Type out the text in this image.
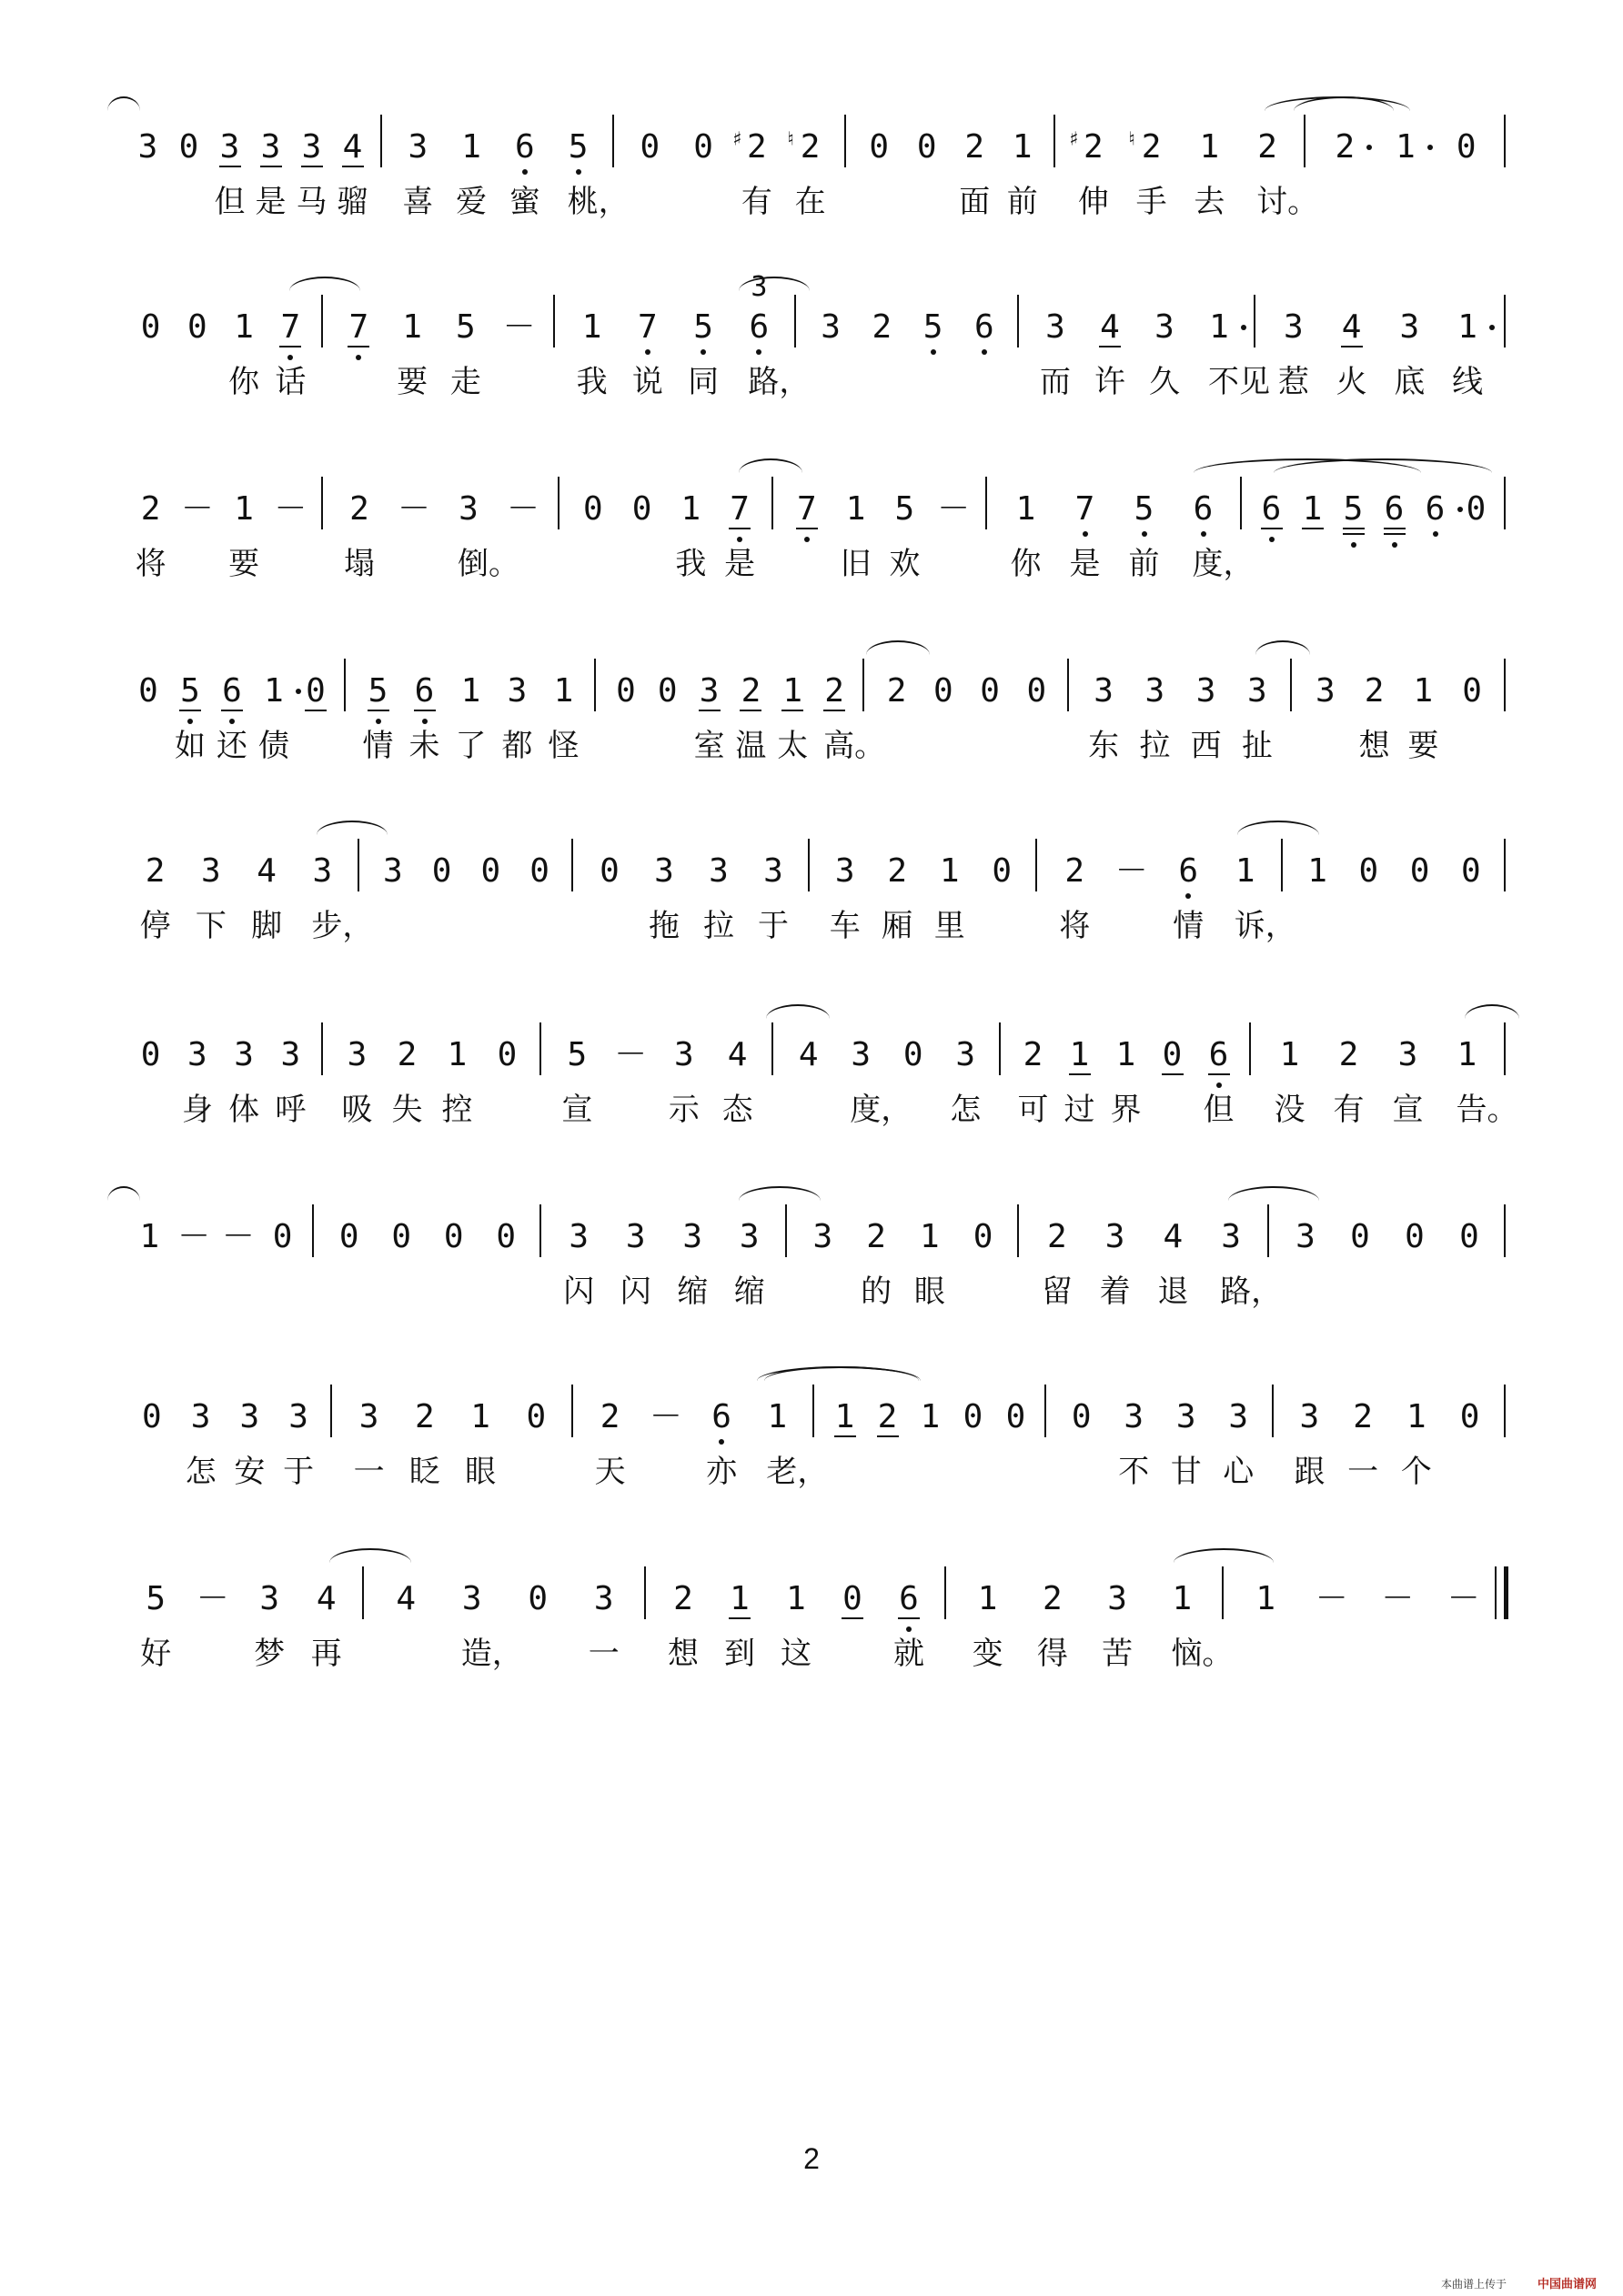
3 0 3
但
3
是
3
马
4
骝
3
喜
1
爱
6
蜜
5
桃，
0 0 2
♯
有
2
♮
在
0 0 2
面
1
前
2
♯
伸
2
♮
手
1
去
2
讨。
2 1 0
0 0 1
你
7
话
7 1
要
5
走
－ 1
我
7
说
5
同
6
3
路，
3 2 5 6 3
而
4
许
3
久
1
不见
3
惹
4
火
3
底
1
线
2
将
－ 1
要
－ 2
塌
－ 3
倒。
－ 0 0 1
我
7
是
7 1
旧
5
欢
－ 1
你
7
是
5
前
6
度，
6 1 5 6 6 0
0 5
如
6
还
1
债
0 5
情
6
未
1
了
3
都
1
怪
0 0 3
室
2
温
1
太
2
高。
2 0 0 0 3
东
3
拉
3
西
3
扯
3 2
想
1
要
0
2
停
3
下
4
脚
3
步，
3 0 0 0 0 3
拖
3
拉
3
于
3
车
2
厢
1
里
0 2
将
－ 6
情
1
诉，
1 0 0 0
0 3
身
3
体
3
呼
3
吸
2
失
1
控
0 5
宣
－ 3
示
4
态
4 3
度，
0 3
怎
2
可
1
过
1
界
0 6
但
1
没
2
有
3
宣
1
告。
1 － － 0 0 0 0 0 3
闪
3
闪
3
缩
3
缩
3 2
的
1
眼
0 2
留
3
着
4
退
3
路，
3 0 0 0
0 3
怎
3
安
3
于
3
一
2
眨
1
眼
0 2
天
－ 6
亦
1
老，
1 2 1 0 0 0 3
不
3
甘
3
心
3
跟
2
一
1
个
0
5
好
－ 3
梦
4
再
4 3
造，
0 3
一
2
想
1
到
1
这
0 6
就
1
变
2
得
3
苦
1
恼。
1 － － －
2
本曲谱上传于	中国曲谱网
